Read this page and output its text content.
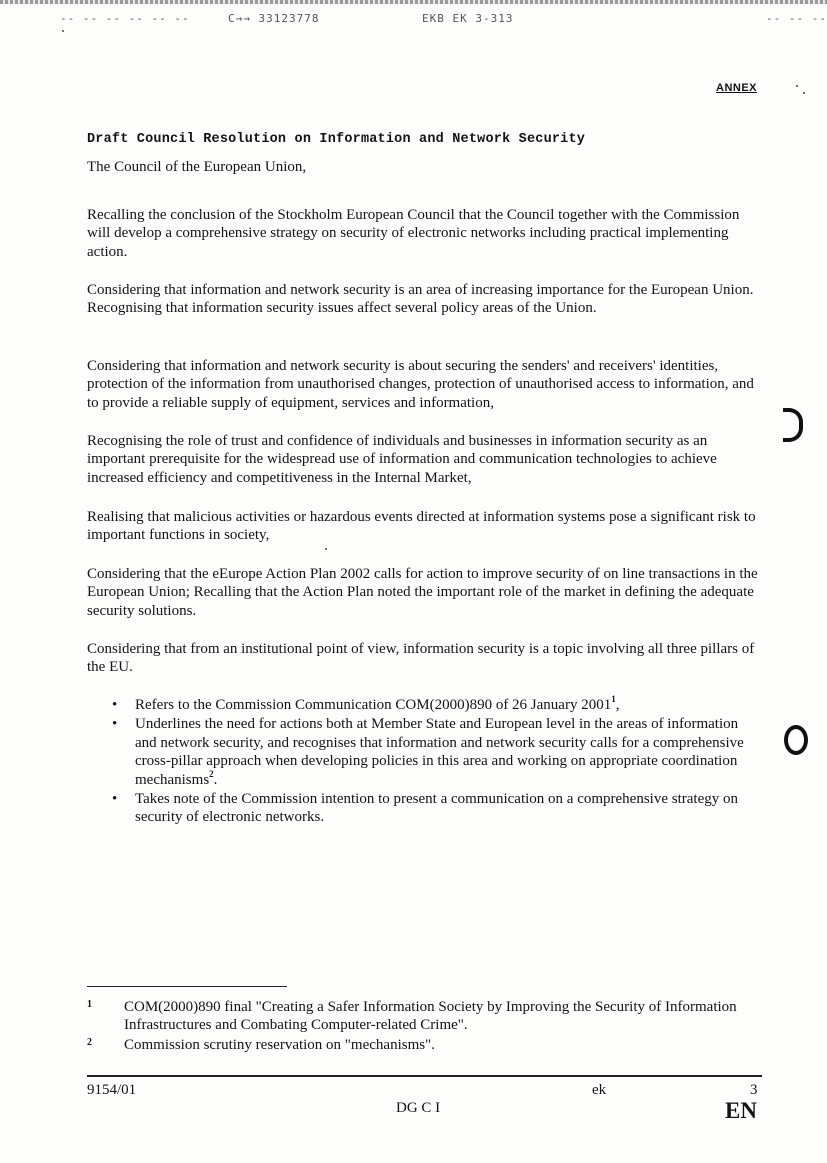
-- -- -- -- -- --	С→→ 33123778	EKB EK 3-313	-- -- --
ANNEX
Draft Council Resolution on Information and Network Security

The Council of the European Union,

Recalling the conclusion of the Stockholm European Council that the Council together with the Commission will develop a comprehensive strategy on security of electronic networks including practical implementing action.

Considering that information and network security is an area of increasing importance for the European Union. Recognising that information security issues affect several policy areas of the Union.

Considering that information and network security is about securing the senders' and receivers' identities, protection of the information from unauthorised changes, protection of unauthorised access to information, and to provide a reliable supply of equipment, services and information,

Recognising the role of trust and confidence of individuals and businesses in information security as an important prerequisite for the widespread use of information and communication technologies to achieve increased efficiency and competitiveness in the Internal Market,

Realising that malicious activities or hazardous events directed at information systems pose a significant risk to important functions in society,

Considering that the eEurope Action Plan 2002 calls for action to improve security of on line transactions in the European Union; Recalling that the Action Plan noted the important role of the market in defining the adequate security solutions.

Considering that from an institutional point of view, information security is a topic involving all three pillars of the EU.

• Refers to the Commission Communication COM(2000)890 of 26 January 2001$^1$,
• Underlines the need for actions both at Member State and European level in the areas of information and network security, and recognises that information and network security calls for a comprehensive cross-pillar approach when developing policies in this area and working on appropriate coordination mechanisms$^2$.
• Takes note of the Commission intention to present a communication on a comprehensive strategy on security of electronic networks.
1 COM(2000)890 final "Creating a Safer Information Society by Improving the Security of Information Infrastructures and Combating Computer-related Crime".
2 Commission scrutiny reservation on "mechanisms".
9154/01	ek	3
DG C I	EN
